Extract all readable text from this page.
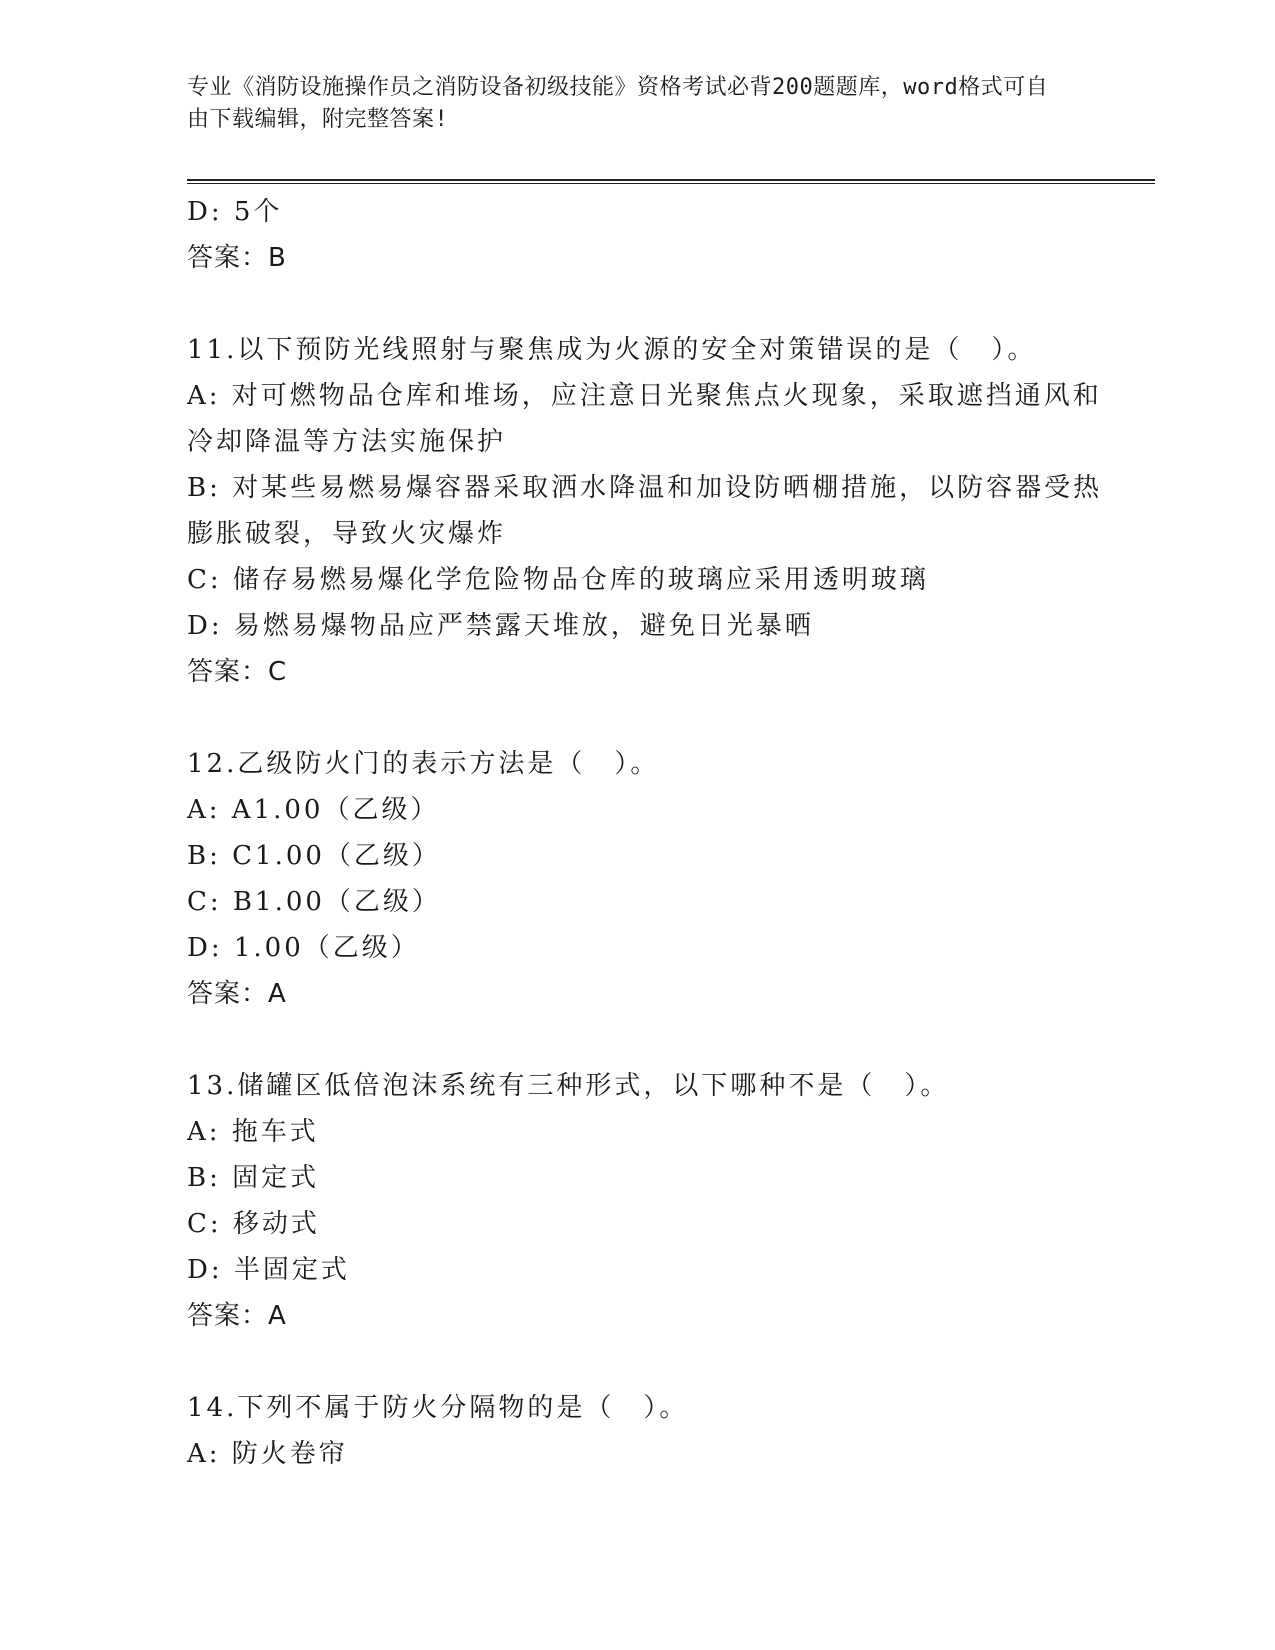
专业《消防设施操作员之消防设备初级技能》资格考试必背200题题库，word格式可自由下载编辑，附完整答案!

D: 5个

答案：B

11.以下预防光线照射与聚焦成为火源的安全对策错误的是（　）。

A: 对可燃物品仓库和堆场，应注意日光聚焦点火现象，采取遮挡通风和冷却降温等方法实施保护

B: 对某些易燃易爆容器采取洒水降温和加设防晒棚措施，以防容器受热膨胀破裂，导致火灾爆炸

C: 储存易燃易爆化学危险物品仓库的玻璃应采用透明玻璃

D: 易燃易爆物品应严禁露天堆放，避免日光暴晒

答案：C

12.乙级防火门的表示方法是（　）。

A: A1.00（乙级）

B: C1.00（乙级）

C: B1.00（乙级）

D: 1.00（乙级）

答案：A

13.储罐区低倍泡沫系统有三种形式，以下哪种不是（　）。

A: 拖车式

B: 固定式

C: 移动式

D: 半固定式

答案：A

14.下列不属于防火分隔物的是（　）。

A: 防火卷帘
